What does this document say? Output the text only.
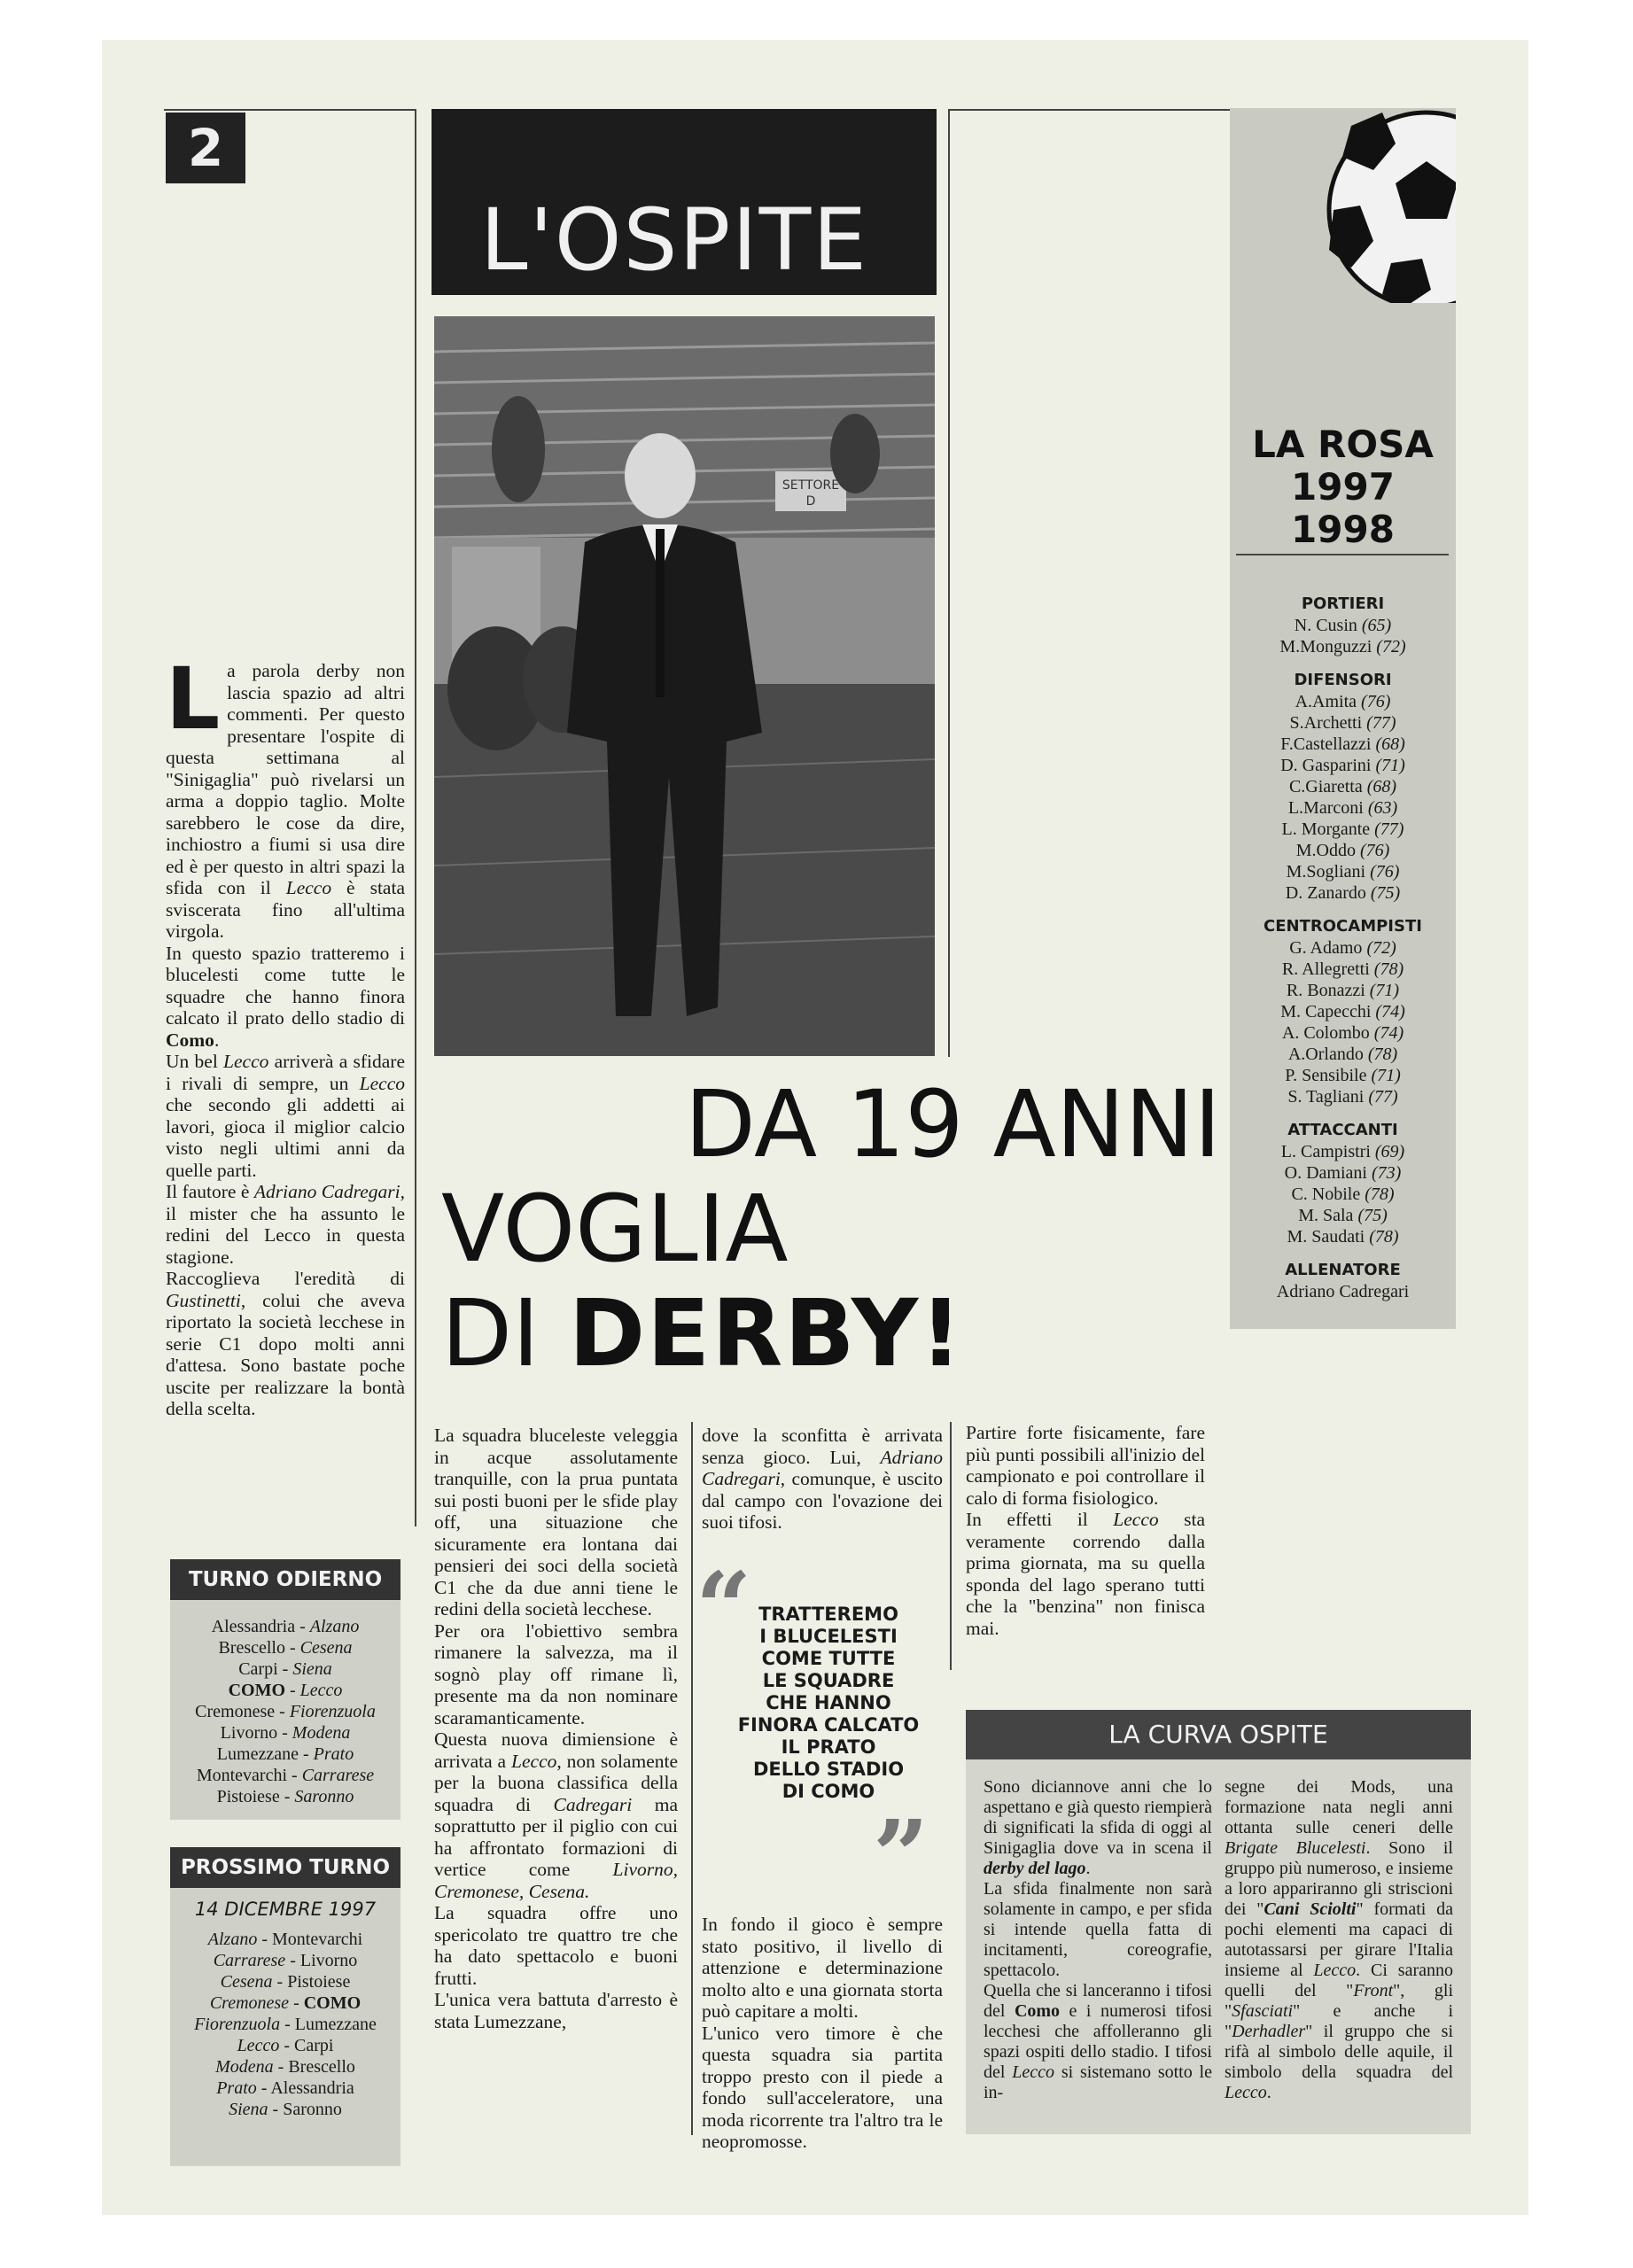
2
L'OSPITE
SETTORE
D

La parola derby non lascia spazio ad altri commenti. Per questo presentare l'ospite di questa settimana al "Sinigaglia" può rivelarsi un arma a doppio taglio. Molte sarebbero le cose da dire, inchiostro a fiumi si usa dire ed è per questo in altri spazi la sfida con il Lecco è stata sviscerata fino all'ultima virgola.

In questo spazio tratteremo i blucelesti come tutte le squadre che hanno finora calcato il prato dello stadio di Como.

Un bel Lecco arriverà a sfidare i rivali di sempre, un Lecco che secondo gli addetti ai lavori, gioca il miglior calcio visto negli ultimi anni da quelle parti.

Il fautore è Adriano Cadregari, il mister che ha assunto le redini del Lecco in questa stagione.

Raccoglieva l'eredità di Gustinetti, colui che aveva riportato la società lecchese in serie C1 dopo molti anni d'attesa. Sono bastate poche uscite per realizzare la bontà della scelta.

DA 19 ANNI
VOGLIA
DI DERBY!
TURNO ODIERNO
Alessandria - Alzano
Brescello - Cesena
Carpi - Siena
COMO - Lecco
Cremonese - Fiorenzuola
Livorno - Modena
Lumezzane - Prato
Montevarchi - Carrarese
Pistoiese - Saronno
PROSSIMO TURNO
14 DICEMBRE 1997
Alzano - Montevarchi
Carrarese - Livorno
Cesena - Pistoiese
Cremonese - COMO
Fiorenzuola - Lumezzane
Lecco - Carpi
Modena - Brescello
Prato - Alessandria
Siena - Saronno

La squadra bluceleste veleggia in acque assolutamente tranquille, con la prua puntata sui posti buoni per le sfide play off, una situazione che sicuramente era lontana dai pensieri dei soci della società C1 che da due anni tiene le redini della società lecchese.

Per ora l'obiettivo sembra rimanere la salvezza, ma il sognò play off rimane lì, presente ma da non nominare scaramanticamente.

Questa nuova dimiensione è arrivata a Lecco, non solamente per la buona classifica della squadra di Cadregari ma soprattutto per il piglio con cui ha affrontato formazioni di vertice come Livorno, Cremonese, Cesena.

La squadra offre uno spericolato tre quattro tre che ha dato spettacolo e buoni frutti.

L'unica vera battuta d'arresto è stata Lumezzane,

dove la sconfitta è arrivata senza gioco. Lui, Adriano Cadregari, comunque, è uscito dal campo con l'ovazione dei suoi tifosi.

In fondo il gioco è sempre stato positivo, il livello di attenzione e determinazione molto alto e una giornata storta può capitare a molti.

L'unico vero timore è che questa squadra sia partita troppo presto con il piede a fondo sull'acceleratore, una moda ricorrente tra l'altro tra le neopromosse.

“ TRATTEREMO
I BLUCELESTI
COME TUTTE
LE SQUADRE
CHE HANNO
FINORA CALCATO
IL PRATO
DELLO STADIO
DI COMO
”

Partire forte fisicamente, fare più punti possibili all'inizio del campionato e poi controllare il calo di forma fisiologico.

In effetti il Lecco sta veramente correndo dalla prima giornata, ma su quella sponda del lago sperano tutti che la "benzina" non finisca mai.

LA ROSA
1997
1998
PORTIERI
N. Cusin (65)
M.Monguzzi (72)
DIFENSORI
A.Amita (76)
S.Archetti (77)
F.Castellazzi (68)
D. Gasparini (71)
C.Giaretta (68)
L.Marconi (63)
L. Morgante (77)
M.Oddo (76)
M.Sogliani (76)
D. Zanardo (75)
CENTROCAMPISTI
G. Adamo (72)
R. Allegretti (78)
R. Bonazzi (71)
M. Capecchi (74)
A. Colombo (74)
A.Orlando (78)
P. Sensibile (71)
S. Tagliani (77)
ATTACCANTI
L. Campistri (69)
O. Damiani (73)
C. Nobile (78)
M. Sala (75)
M. Saudati (78)
ALLENATORE
Adriano Cadregari
LA CURVA OSPITE

Sono diciannove anni che lo aspettano e già questo riempierà di significati la sfida di oggi al Sinigaglia dove va in scena il derby del lago.

La sfida finalmente non sarà solamente in campo, e per sfida si intende quella fatta di incitamenti, coreografie, spettacolo.

Quella che si lanceranno i tifosi del Como e i numerosi tifosi lecchesi che affolleranno gli spazi ospiti dello stadio. I tifosi del Lecco si sistemano sotto le in-

segne dei Mods, una formazione nata negli anni ottanta sulle ceneri delle Brigate Blucelesti. Sono il gruppo più numeroso, e insieme a loro appariranno gli striscioni dei "Cani Sciolti" formati da pochi elementi ma capaci di autotassarsi per girare l'Italia insieme al Lecco. Ci saranno quelli del "Front", gli "Sfasciati" e anche i "Derhadler" il gruppo che si rifà al simbolo delle aquile, il simbolo della squadra del Lecco.
